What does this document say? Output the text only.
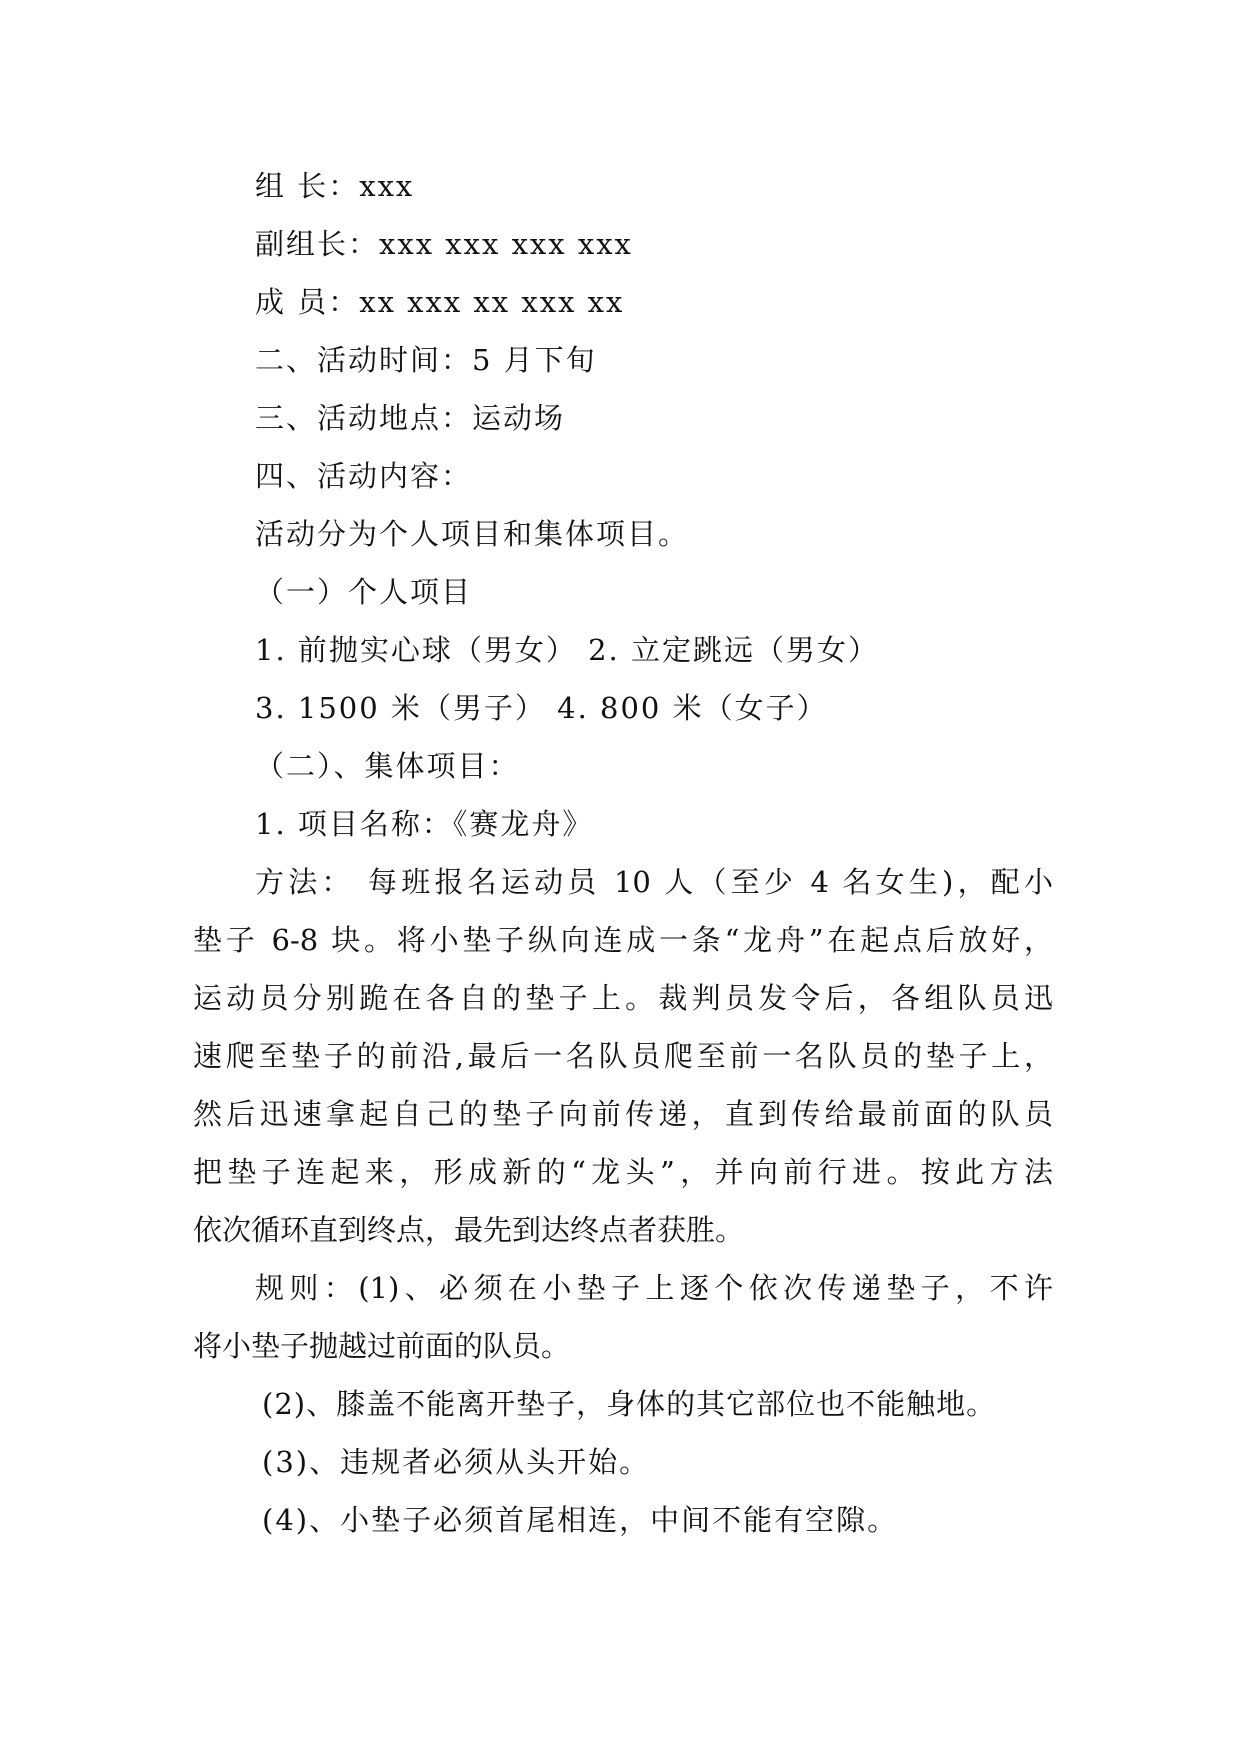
组 长：xxx
副组长：xxx xxx xxx xxx
成 员：xx xxx xx xxx xx
二、活动时间：5 月下旬
三、活动地点：运动场
四、活动内容：
活动分为个人项目和集体项目。
（一）个人项目
1. 前抛实心球（男女） 2. 立定跳远（男女）
3. 1500 米（男子） 4. 800 米（女子）
（二）、集体项目：
1. 项目名称：《赛龙舟》
方法： 每班报名运动员 10 人（至少 4 名女生)，配小
垫子 6-8 块。将小垫子纵向连成一条“龙舟”在起点后放好，
运动员分别跪在各自的垫子上。裁判员发令后，各组队员迅
速爬至垫子的前沿,最后一名队员爬至前一名队员的垫子上，
然后迅速拿起自己的垫子向前传递，直到传给最前面的队员
把垫子连起来，形成新的“龙头”，并向前行进。按此方法
依次循环直到终点，最先到达终点者获胜。
规则：(1)、必须在小垫子上逐个依次传递垫子，不许
将小垫子抛越过前面的队员。
(2)、膝盖不能离开垫子，身体的其它部位也不能触地。
(3)、违规者必须从头开始。
(4)、小垫子必须首尾相连，中间不能有空隙。
